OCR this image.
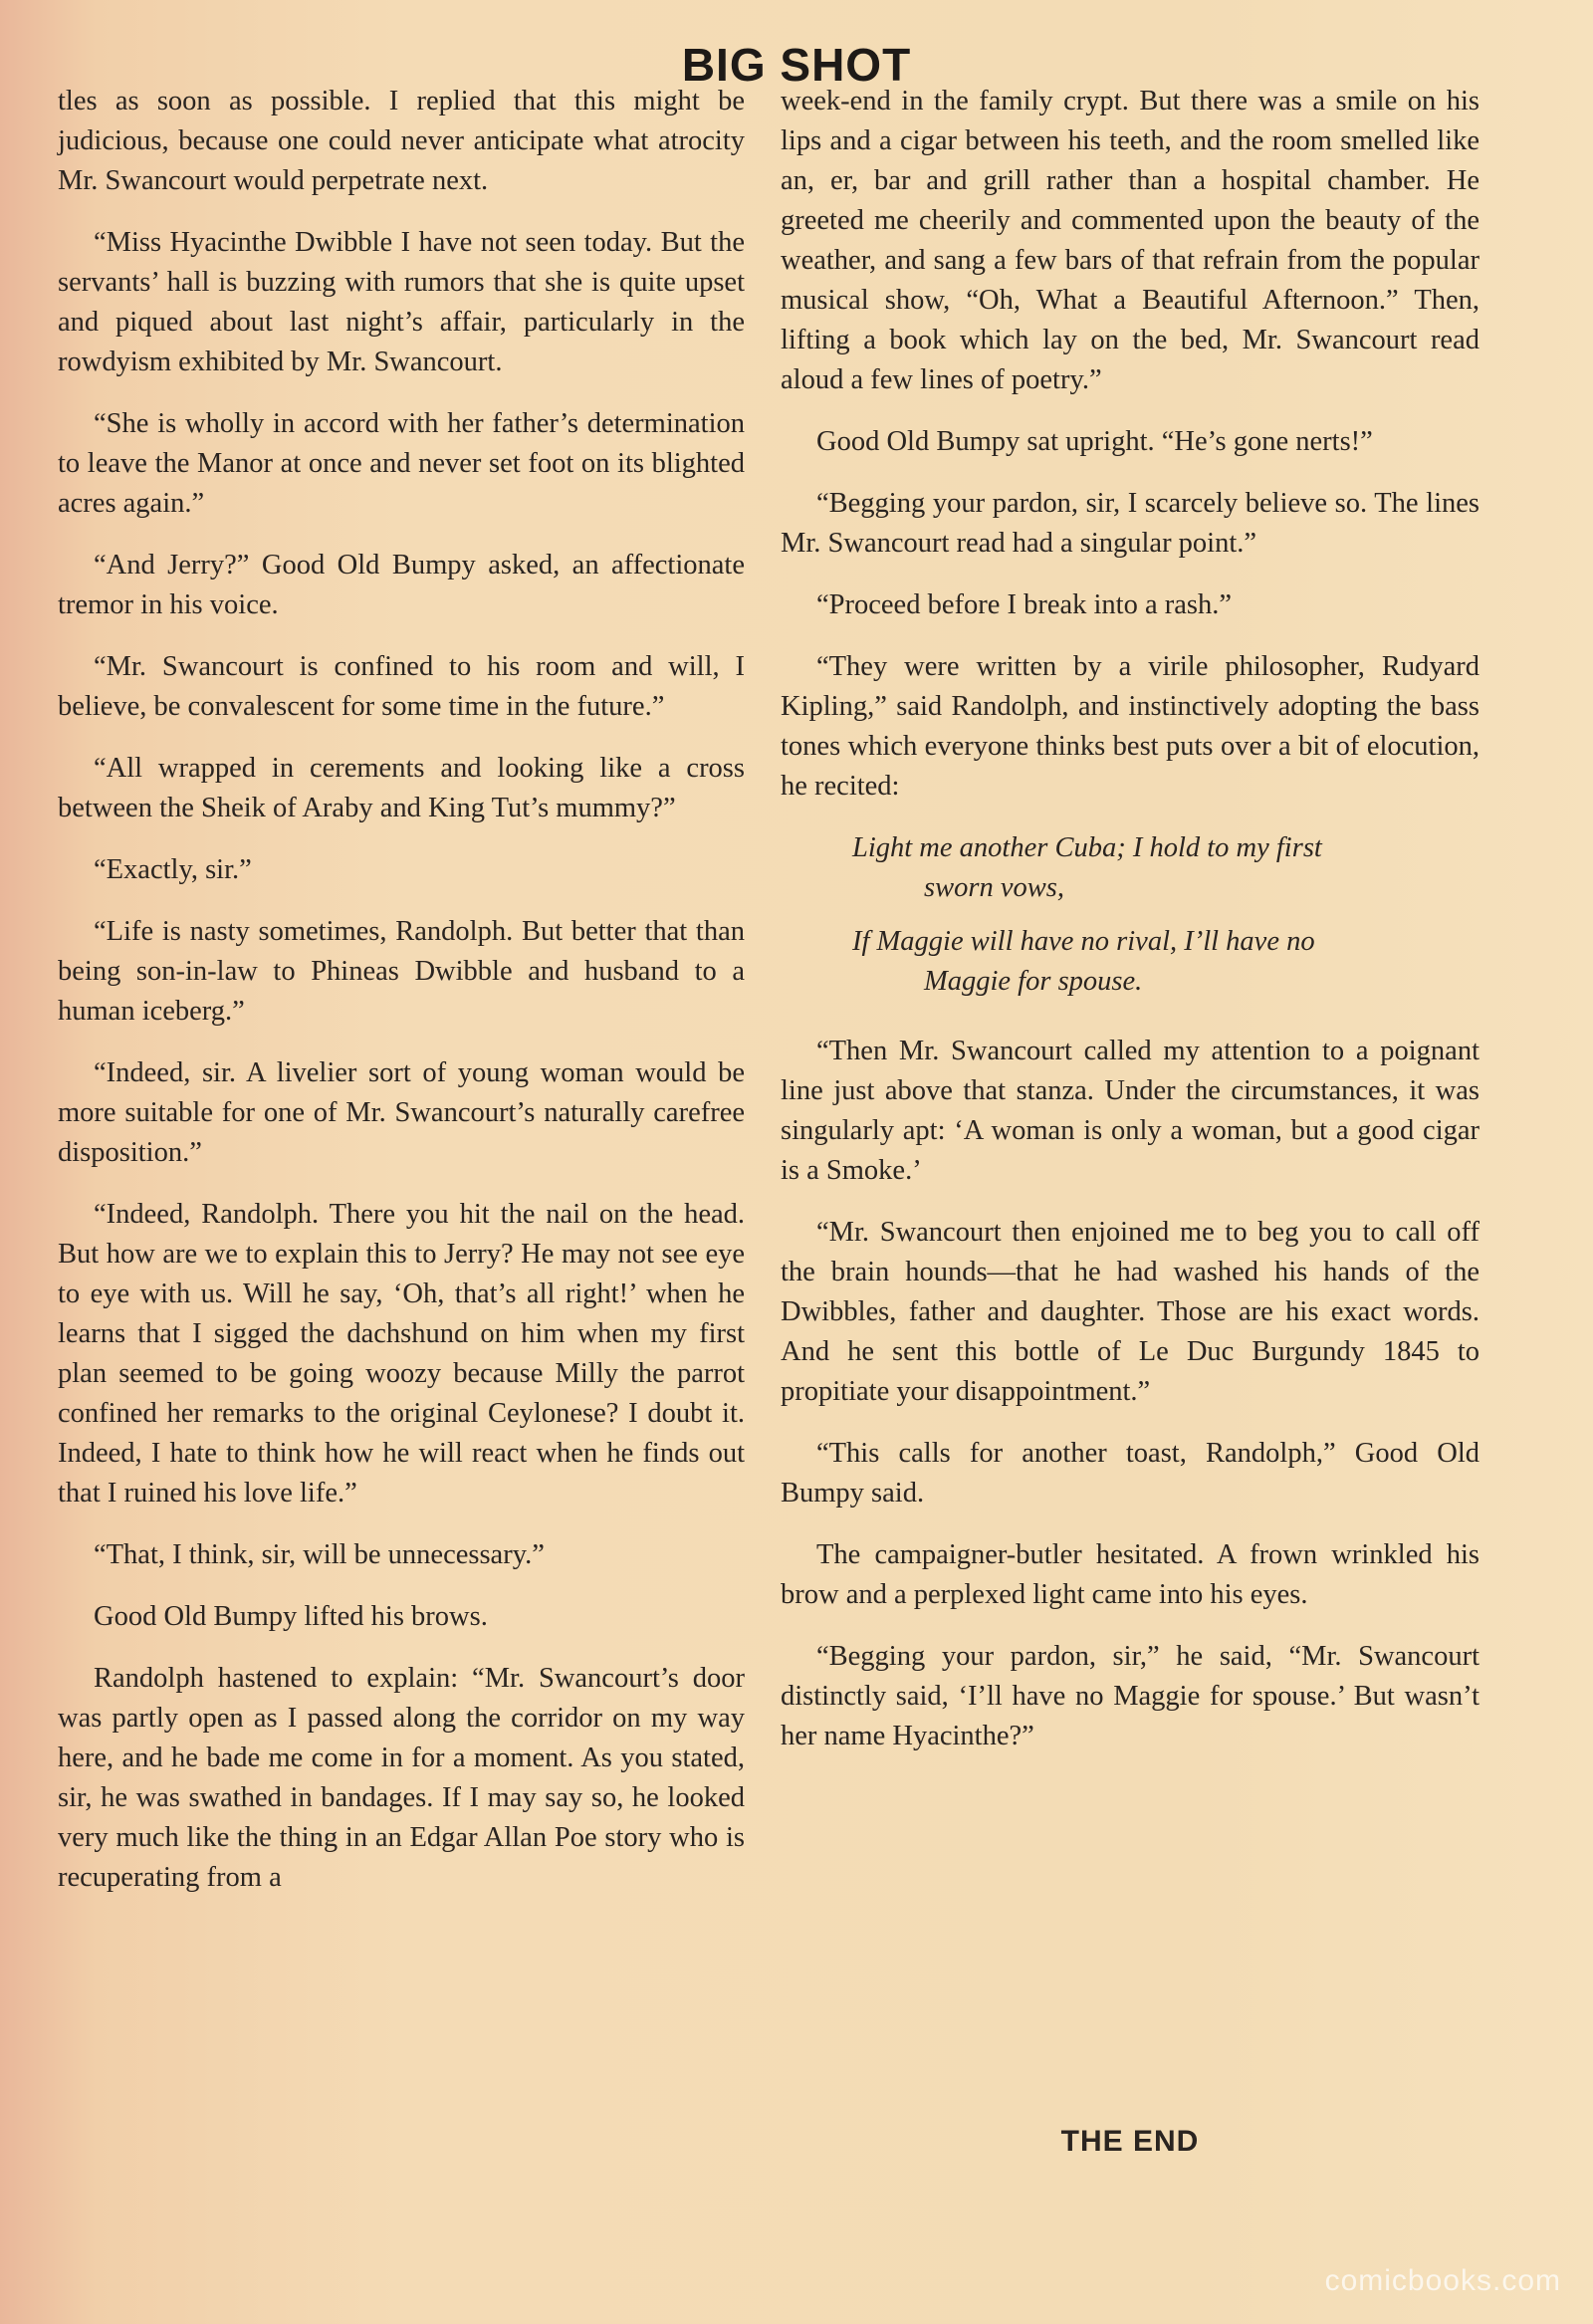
BIG SHOT

tles as soon as possible. I replied that this might be judicious, because one could never anticipate what atrocity Mr. Swancourt would perpetrate next.

“Miss Hyacinthe Dwibble I have not seen today. But the servants’ hall is buzzing with rumors that she is quite upset and piqued about last night’s affair, particularly in the rowdyism exhibited by Mr. Swancourt.

“She is wholly in accord with her father’s determination to leave the Manor at once and never set foot on its blighted acres again.”

“And Jerry?” Good Old Bumpy asked, an affectionate tremor in his voice.

“Mr. Swancourt is confined to his room and will, I believe, be convalescent for some time in the future.”

“All wrapped in cerements and looking like a cross between the Sheik of Araby and King Tut’s mummy?”

“Exactly, sir.”

“Life is nasty sometimes, Randolph. But better that than being son-in-law to Phineas Dwibble and husband to a human iceberg.”

“Indeed, sir. A livelier sort of young woman would be more suitable for one of Mr. Swancourt’s naturally carefree disposition.”

“Indeed, Randolph. There you hit the nail on the head. But how are we to explain this to Jerry? He may not see eye to eye with us. Will he say, ‘Oh, that’s all right!’ when he learns that I sigged the dachshund on him when my first plan seemed to be going woozy because Milly the parrot confined her remarks to the original Ceylonese? I doubt it. Indeed, I hate to think how he will react when he finds out that I ruined his love life.”

“That, I think, sir, will be unnecessary.”

Good Old Bumpy lifted his brows.

Randolph hastened to explain: “Mr. Swancourt’s door was partly open as I passed along the corridor on my way here, and he bade me come in for a moment. As you stated, sir, he was swathed in bandages. If I may say so, he looked very much like the thing in an Edgar Allan Poe story who is recuperating from a

week-end in the family crypt. But there was a smile on his lips and a cigar between his teeth, and the room smelled like an, er, bar and grill rather than a hospital chamber. He greeted me cheerily and commented upon the beauty of the weather, and sang a few bars of that refrain from the popular musical show, “Oh, What a Beautiful Afternoon.” Then, lifting a book which lay on the bed, Mr. Swancourt read aloud a few lines of poetry.”

Good Old Bumpy sat upright. “He’s gone nerts!”

“Begging your pardon, sir, I scarcely believe so. The lines Mr. Swancourt read had a singular point.”

“Proceed before I break into a rash.”

“They were written by a virile philosopher, Rudyard Kipling,” said Randolph, and instinctively adopting the bass tones which everyone thinks best puts over a bit of elocution, he recited:

Light me another Cuba; I hold to my first

sworn vows,

If Maggie will have no rival, I’ll have no

Maggie for spouse.

“Then Mr. Swancourt called my attention to a poignant line just above that stanza. Under the circumstances, it was singularly apt: ‘A woman is only a woman, but a good cigar is a Smoke.’

“Mr. Swancourt then enjoined me to beg you to call off the brain hounds—that he had washed his hands of the Dwibbles, father and daughter. Those are his exact words. And he sent this bottle of Le Duc Burgundy 1845 to propitiate your disappointment.”

“This calls for another toast, Randolph,” Good Old Bumpy said.

The campaigner-butler hesitated. A frown wrinkled his brow and a perplexed light came into his eyes.

“Begging your pardon, sir,” he said, “Mr. Swancourt distinctly said, ‘I’ll have no Maggie for spouse.’ But wasn’t her name Hyacinthe?”

THE END
comicbooks.com
